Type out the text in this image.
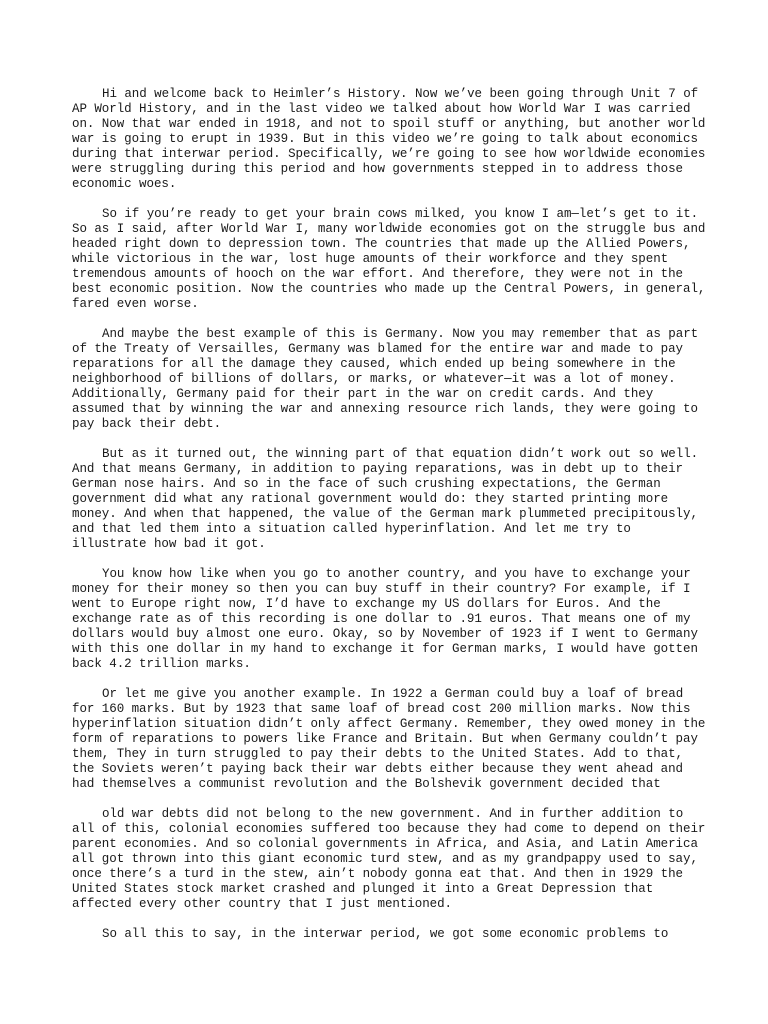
Hi and welcome back to Heimler’s History. Now we’ve been going through Unit 7 of AP World History, and in the last video we talked about how World War I was carried on. Now that war ended in 1918, and not to spoil stuff or anything, but another world war is going to erupt in 1939. But in this video we’re going to talk about economics during that interwar period. Specifically, we’re going to see how worldwide economies were struggling during this period and how governments stepped in to address those economic woes.

So if you’re ready to get your brain cows milked, you know I am—let’s get to it. So as I said, after World War I, many worldwide economies got on the struggle bus and headed right down to depression town. The countries that made up the Allied Powers, while victorious in the war, lost huge amounts of their workforce and they spent tremendous amounts of hooch on the war effort. And therefore, they were not in the best economic position. Now the countries who made up the Central Powers, in general, fared even worse.

And maybe the best example of this is Germany. Now you may remember that as part of the Treaty of Versailles, Germany was blamed for the entire war and made to pay reparations for all the damage they caused, which ended up being somewhere in the neighborhood of billions of dollars, or marks, or whatever—it was a lot of money. Additionally, Germany paid for their part in the war on credit cards. And they assumed that by winning the war and annexing resource rich lands, they were going to pay back their debt.

But as it turned out, the winning part of that equation didn’t work out so well. And that means Germany, in addition to paying reparations, was in debt up to their German nose hairs. And so in the face of such crushing expectations, the German government did what any rational government would do: they started printing more money. And when that happened, the value of the German mark plummeted precipitously, and that led them into a situation called hyperinflation. And let me try to illustrate how bad it got.

You know how like when you go to another country, and you have to exchange your money for their money so then you can buy stuff in their country? For example, if I went to Europe right now, I’d have to exchange my US dollars for Euros. And the exchange rate as of this recording is one dollar to .91 euros. That means one of my dollars would buy almost one euro. Okay, so by November of 1923 if I went to Germany with this one dollar in my hand to exchange it for German marks, I would have gotten back 4.2 trillion marks.

Or let me give you another example. In 1922 a German could buy a loaf of bread for 160 marks. But by 1923 that same loaf of bread cost 200 million marks. Now this hyperinflation situation didn’t only affect Germany. Remember, they owed money in the form of reparations to powers like France and Britain. But when Germany couldn’t pay them, They in turn struggled to pay their debts to the United States. Add to that, the Soviets weren’t paying back their war debts either because they went ahead and had themselves a communist revolution and the Bolshevik government decided that

old war debts did not belong to the new government. And in further addition to all of this, colonial economies suffered too because they had come to depend on their parent economies. And so colonial governments in Africa, and Asia, and Latin America all got thrown into this giant economic turd stew, and as my grandpappy used to say, once there’s a turd in the stew, ain’t nobody gonna eat that. And then in 1929 the United States stock market crashed and plunged it into a Great Depression that affected every other country that I just mentioned.

So all this to say, in the interwar period, we got some economic problems to
